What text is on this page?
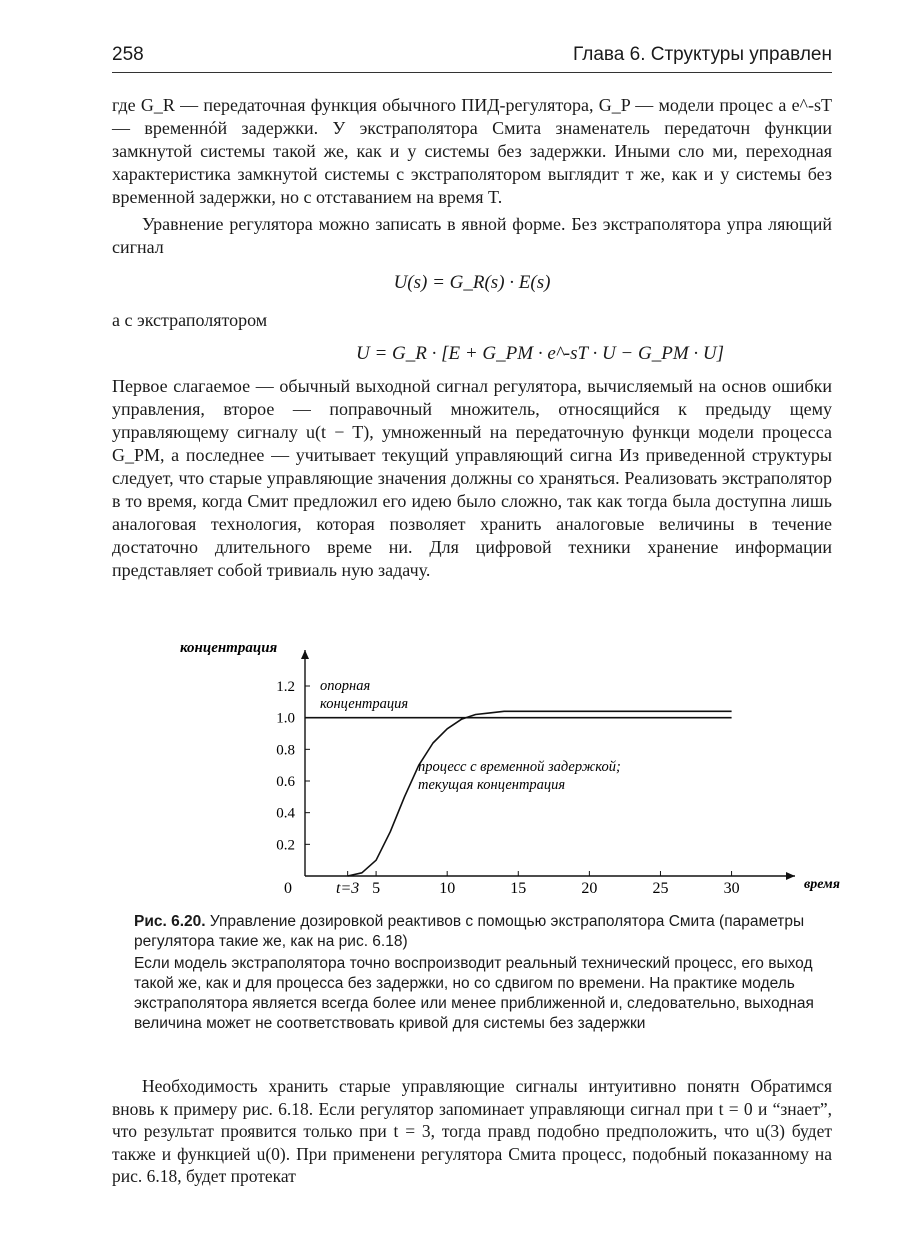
258	Глава 6. Структуры управлен

где G_R — передаточная функция обычного ПИД-регулятора, G_P — модели процес а e^-sT — временнóй задержки. У экстраполятора Смита знаменатель передаточн функции замкнутой системы такой же, как и у системы без задержки. Иными сло ми, переходная характеристика замкнутой системы с экстраполятором выглядит т же, как и у системы без временной задержки, но с отставанием на время T.

Уравнение регулятора можно записать в явной форме. Без экстраполятора упра ляющий сигнал

U(s) = G_R(s) · E(s)
а с экстраполятором
U = G_R · [E + G_PM · e^-sT · U − G_PM · U]

Первое слагаемое — обычный выходной сигнал регулятора, вычисляемый на основ ошибки управления, второе — поправочный множитель, относящийся к предыду щему управляющему сигналу u(t − T), умноженный на передаточную функци модели процесса G_PM, а последнее — учитывает текущий управляющий сигна Из приведенной структуры следует, что старые управляющие значения должны со храняться. Реализовать экстраполятор в то время, когда Смит предложил его идею было сложно, так как тогда была доступна лишь аналоговая технология, которая позволяет хранить аналоговые величины в течение достаточно длительного време ни. Для цифровой техники хранение информации представляет собой тривиаль ную задачу.

0.2
0.4
0.6
0.8
1.0
1.2
0	t=3 5	10	15	20	25	30
концентрация
время
опорная
концентрация
процесс с временной задержкой;
текущая концентрация

Рис. 6.20. Управление дозировкой реактивов с помощью экстраполятора Смита (параметры регулятора такие же, как на рис. 6.18)

Если модель экстраполятора точно воспроизводит реальный технический процесс, его выход такой же, как и для процесса без задержки, но со сдвигом по времени. На практике модель экстраполятора является всегда более или менее приближенной и, следовательно, выходная величина может не соответствовать кривой для системы без задержки

Необходимость хранить старые управляющие сигналы интуитивно понятн Обратимся вновь к примеру рис. 6.18. Если регулятор запоминает управляющи сигнал при t = 0 и “знает”, что результат проявится только при t = 3, тогда правд подобно предположить, что u(3) будет также и функцией u(0). При применени регулятора Смита процесс, подобный показанному на рис. 6.18, будет протекат
